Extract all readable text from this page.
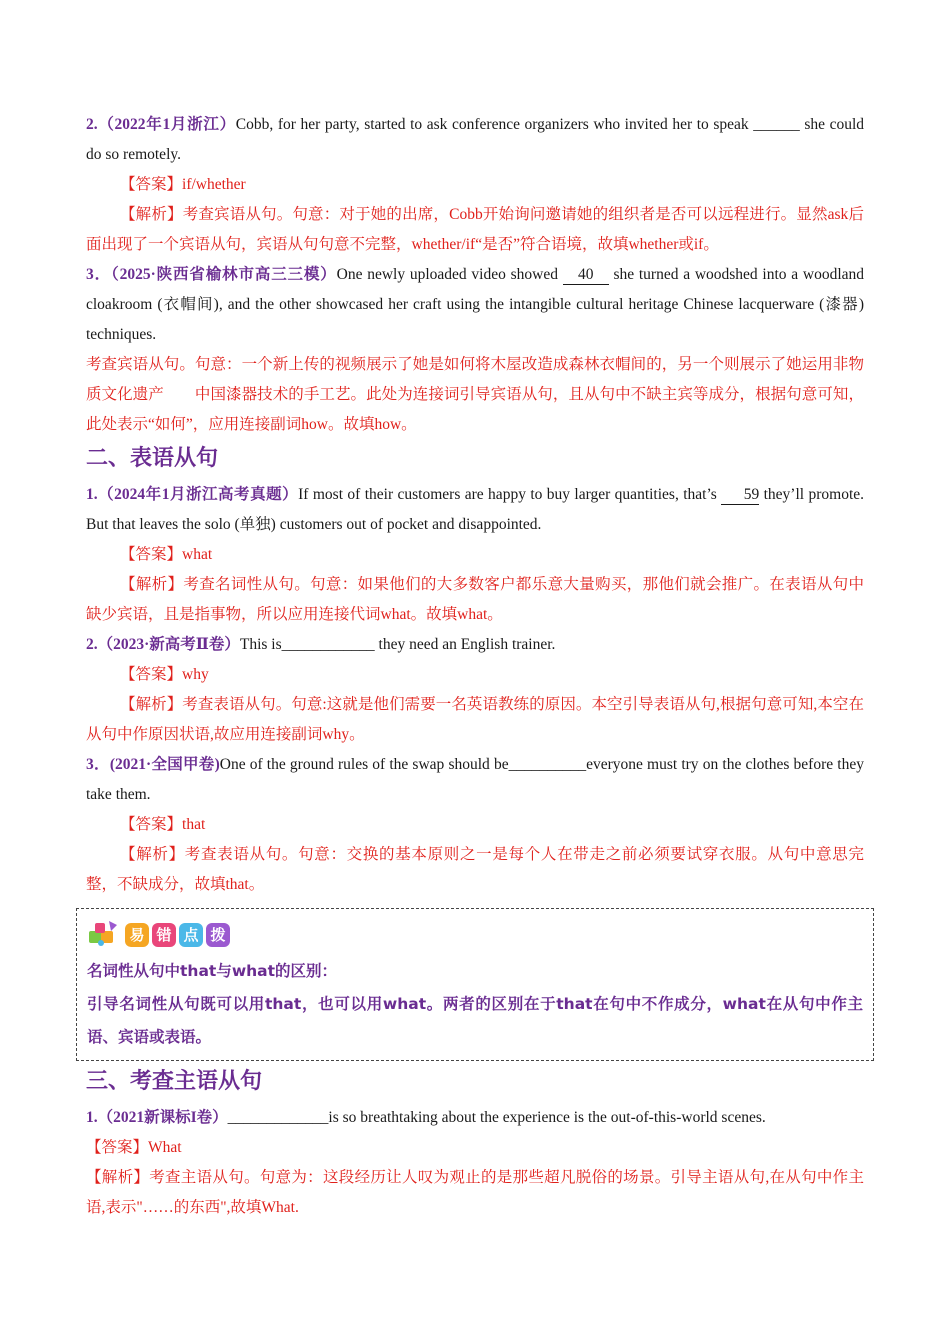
2.（2022年1月浙江）Cobb, for her party, started to ask conference organizers who invited her to speak ______ she could do so remotely.

【答案】if/whether

【解析】考查宾语从句。句意：对于她的出席，Cobb开始询问邀请她的组织者是否可以远程进行。显然ask后面出现了一个宾语从句，宾语从句句意不完整，whether/if“是否”符合语境，故填whether或if。

3．（2025·陕西省榆林市高三三模）One newly uploaded video showed 40 she turned a woodshed into a woodland cloakroom (衣帽间), and the other showcased her craft using the intangible cultural heritage Chinese lacquerware (漆器) techniques.

考查宾语从句。句意：一个新上传的视频展示了她是如何将木屋改造成森林衣帽间的，另一个则展示了她运用非物质文化遗产　　中国漆器技术的手工艺。此处为连接词引导宾语从句，且从句中不缺主宾等成分，根据句意可知，此处表示“如何”，应用连接副词how。故填how。

二、表语从句

1.（2024年1月浙江高考真题）If most of their customers are happy to buy larger quantities, that’s 59 they’ll promote. But that leaves the solo (单独) customers out of pocket and disappointed.

【答案】what

【解析】考查名词性从句。句意：如果他们的大多数客户都乐意大量购买，那他们就会推广。在表语从句中缺少宾语，且是指事物，所以应用连接代词what。故填what。

2.（2023·新高考Ⅱ卷）This is____________ they need an English trainer.

【答案】why

【解析】考查表语从句。句意:这就是他们需要一名英语教练的原因。本空引导表语从句,根据句意可知,本空在从句中作原因状语,故应用连接副词why。

3．(2021·全国甲卷)One of the ground rules of the swap should be__________everyone must try on the clothes before they take them.

【答案】that

【解析】考查表语从句。句意：交换的基本原则之一是每个人在带走之前必须要试穿衣服。从句中意思完整，不缺成分，故填that。

易 错 点 拨

名词性从句中that与what的区别：

引导名词性从句既可以用that，也可以用what。两者的区别在于that在句中不作成分，what在从句中作主语、宾语或表语。

三、考查主语从句

1.（2021新课标I卷）_____________is so breathtaking about the experience is the out-of-this-world scenes.

【答案】What

【解析】考查主语从句。句意为：这段经历让人叹为观止的是那些超凡脱俗的场景。引导主语从句,在从句中作主语,表示"……的东西",故填What.
